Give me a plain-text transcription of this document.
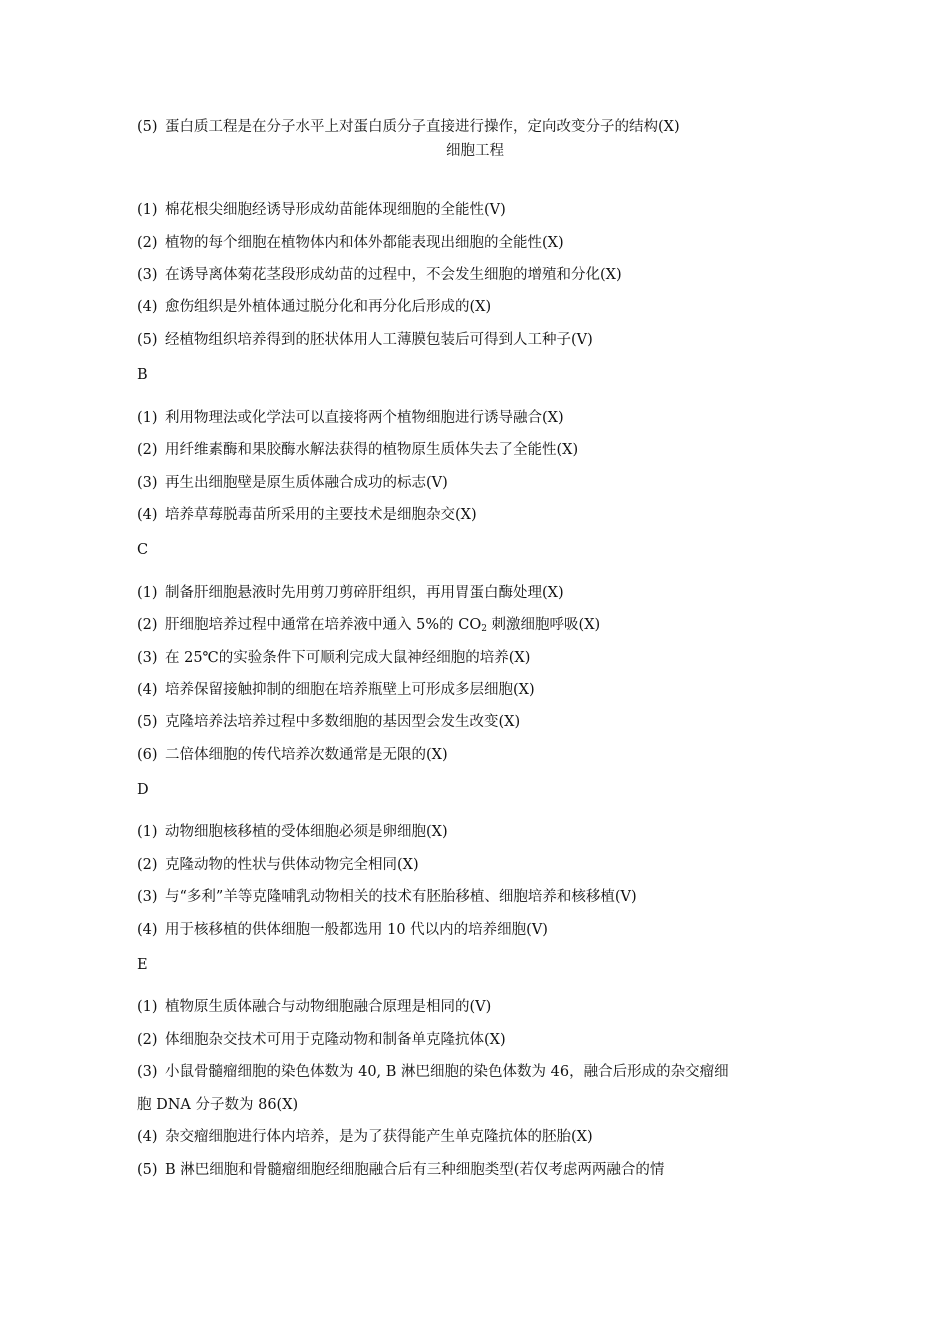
(5) 蛋白质工程是在分子水平上对蛋白质分子直接进行操作，定向改变分子的结构(X)
细胞工程
(1) 棉花根尖细胞经诱导形成幼苗能体现细胞的全能性(V)
(2) 植物的每个细胞在植物体内和体外都能表现出细胞的全能性(X)
(3) 在诱导离体菊花茎段形成幼苗的过程中，不会发生细胞的增殖和分化(X)
(4) 愈伤组织是外植体通过脱分化和再分化后形成的(X)
(5) 经植物组织培养得到的胚状体用人工薄膜包装后可得到人工种子(V)
B
(1) 利用物理法或化学法可以直接将两个植物细胞进行诱导融合(X)
(2) 用纤维素酶和果胶酶水解法获得的植物原生质体失去了全能性(X)
(3) 再生出细胞壁是原生质体融合成功的标志(V)
(4) 培养草莓脱毒苗所采用的主要技术是细胞杂交(X)
C
(1) 制备肝细胞悬液时先用剪刀剪碎肝组织，再用胃蛋白酶处理(X)
(2) 肝细胞培养过程中通常在培养液中通入 5%的 $CO_2$ 刺激细胞呼吸(X)
(3) 在 25℃的实验条件下可顺利完成大鼠神经细胞的培养(X)
(4) 培养保留接触抑制的细胞在培养瓶壁上可形成多层细胞(X)
(5) 克隆培养法培养过程中多数细胞的基因型会发生改变(X)
(6) 二倍体细胞的传代培养次数通常是无限的(X)
D
(1) 动物细胞核移植的受体细胞必须是卵细胞(X)
(2) 克隆动物的性状与供体动物完全相同(X)
(3) 与“多利”羊等克隆哺乳动物相关的技术有胚胎移植、细胞培养和核移植(V)
(4) 用于核移植的供体细胞一般都选用 10 代以内的培养细胞(V)
E
(1) 植物原生质体融合与动物细胞融合原理是相同的(V)
(2) 体细胞杂交技术可用于克隆动物和制备单克隆抗体(X)
(3) 小鼠骨髓瘤细胞的染色体数为 40, B 淋巴细胞的染色体数为 46，融合后形成的杂交瘤细
胞 DNA 分子数为 86(X)
(4) 杂交瘤细胞进行体内培养，是为了获得能产生单克隆抗体的胚胎(X)
(5) B 淋巴细胞和骨髓瘤细胞经细胞融合后有三种细胞类型(若仅考虑两两融合的情
